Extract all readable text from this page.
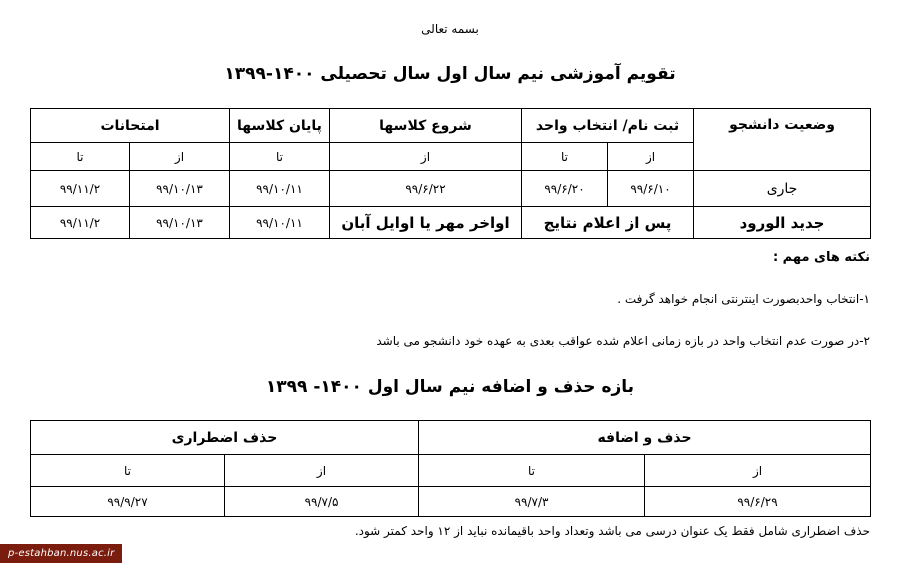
بسمه تعالی
تقویم آموزشی نیم سال اول سال تحصیلی ۱۴۰۰-۱۳۹۹
وضعیت دانشجو	ثبت نام/ انتخاب واحد		شروع کلاسها	پایان کلاسها	امتحانات	
	از	تا	از	تا	از	تا
جاری	۹۹/۶/۱۰	۹۹/۶/۲۰	۹۹/۶/۲۲	۹۹/۱۰/۱۱	۹۹/۱۰/۱۳	۹۹/۱۱/۲
جدید الورود	پس از اعلام نتایج		اواخر مهر یا اوایل آبان	۹۹/۱۰/۱۱	۹۹/۱۰/۱۳	۹۹/۱۱/۲
نکته های مهم :
۱-انتخاب واحدبصورت اینترنتی انجام خواهد گرفت .
۲-در صورت عدم انتخاب واحد در بازه زمانی اعلام شده عواقب بعدی به عهده خود دانشجو می باشد
بازه حذف و اضافه نیم سال اول ۱۴۰۰- ۱۳۹۹
حذف و اضافه		حذف اضطراری	
از	تا	از	تا
۹۹/۶/۲۹	۹۹/۷/۳	۹۹/۷/۵	۹۹/۹/۲۷
حذف اضطراری شامل فقط یک عنوان درسی می باشد وتعداد واحد باقیمانده نباید از ۱۲ واحد کمتر شود.
p-estahban.nus.ac.ir
